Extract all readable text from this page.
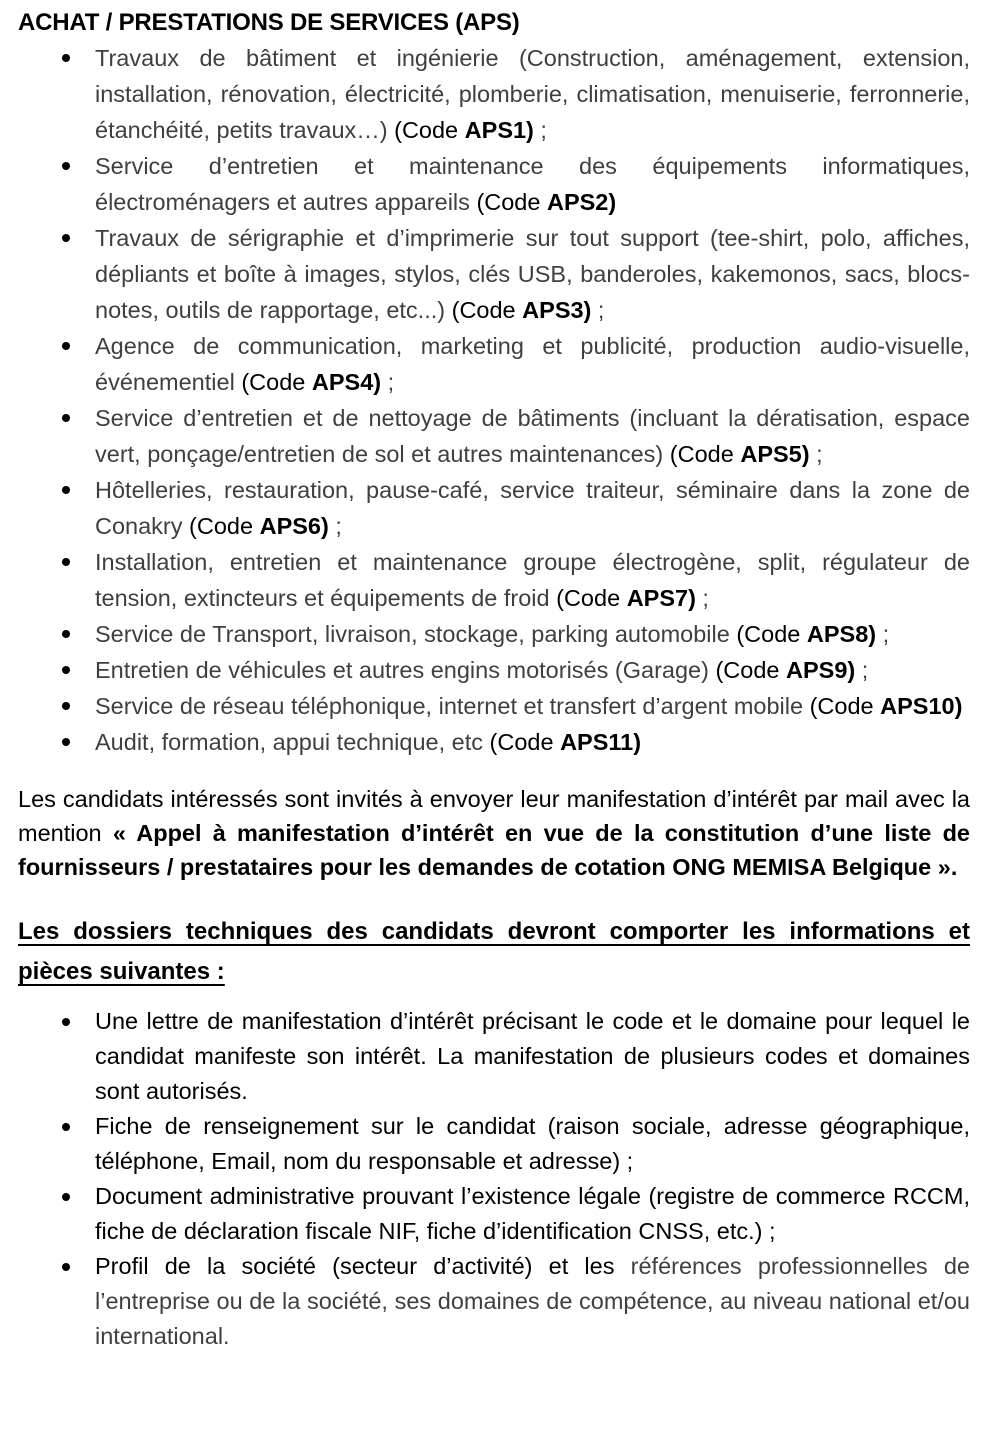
ACHAT / PRESTATIONS DE SERVICES (APS)
Travaux de bâtiment et ingénierie (Construction, aménagement, extension, installation, rénovation, électricité, plomberie, climatisation, menuiserie, ferronnerie, étanchéité, petits travaux…) (Code APS1) ;
Service d’entretien et maintenance des équipements informatiques, électroménagers et autres appareils (Code APS2)
Travaux de sérigraphie et d’imprimerie sur tout support (tee-shirt, polo, affiches, dépliants et boîte à images, stylos, clés USB, banderoles, kakemonos, sacs, blocs-notes, outils de rapportage, etc...) (Code APS3) ;
Agence de communication, marketing et publicité, production audio-visuelle, événementiel (Code APS4) ;
Service d’entretien et de nettoyage de bâtiments (incluant la dératisation, espace vert, ponçage/entretien de sol et autres maintenances) (Code APS5) ;
Hôtelleries, restauration, pause-café, service traiteur, séminaire dans la zone de Conakry (Code APS6) ;
Installation, entretien et maintenance groupe électrogène, split, régulateur de tension, extincteurs et équipements de froid (Code APS7) ;
Service de Transport, livraison, stockage, parking automobile (Code APS8) ;
Entretien de véhicules et autres engins motorisés (Garage) (Code APS9) ;
Service de réseau téléphonique, internet et transfert d’argent mobile (Code APS10)
Audit, formation, appui technique, etc (Code APS11)

Les candidats intéressés sont invités à envoyer leur manifestation d’intérêt par mail avec la mention « Appel à manifestation d’intérêt en vue de la constitution d’une liste de fournisseurs / prestataires pour les demandes de cotation ONG MEMISA Belgique ».

Les dossiers techniques des candidats devront comporter les informations et pièces suivantes :
Une lettre de manifestation d’intérêt précisant le code et le domaine pour lequel le candidat manifeste son intérêt. La manifestation de plusieurs codes et domaines sont autorisés.
Fiche de renseignement sur le candidat (raison sociale, adresse géographique, téléphone, Email, nom du responsable et adresse) ;
Document administrative prouvant l’existence légale (registre de commerce RCCM, fiche de déclaration fiscale NIF, fiche d’identification CNSS, etc.) ;
Profil de la société (secteur d’activité) et les références professionnelles de l’entreprise ou de la société, ses domaines de compétence, au niveau national et/ou international.
